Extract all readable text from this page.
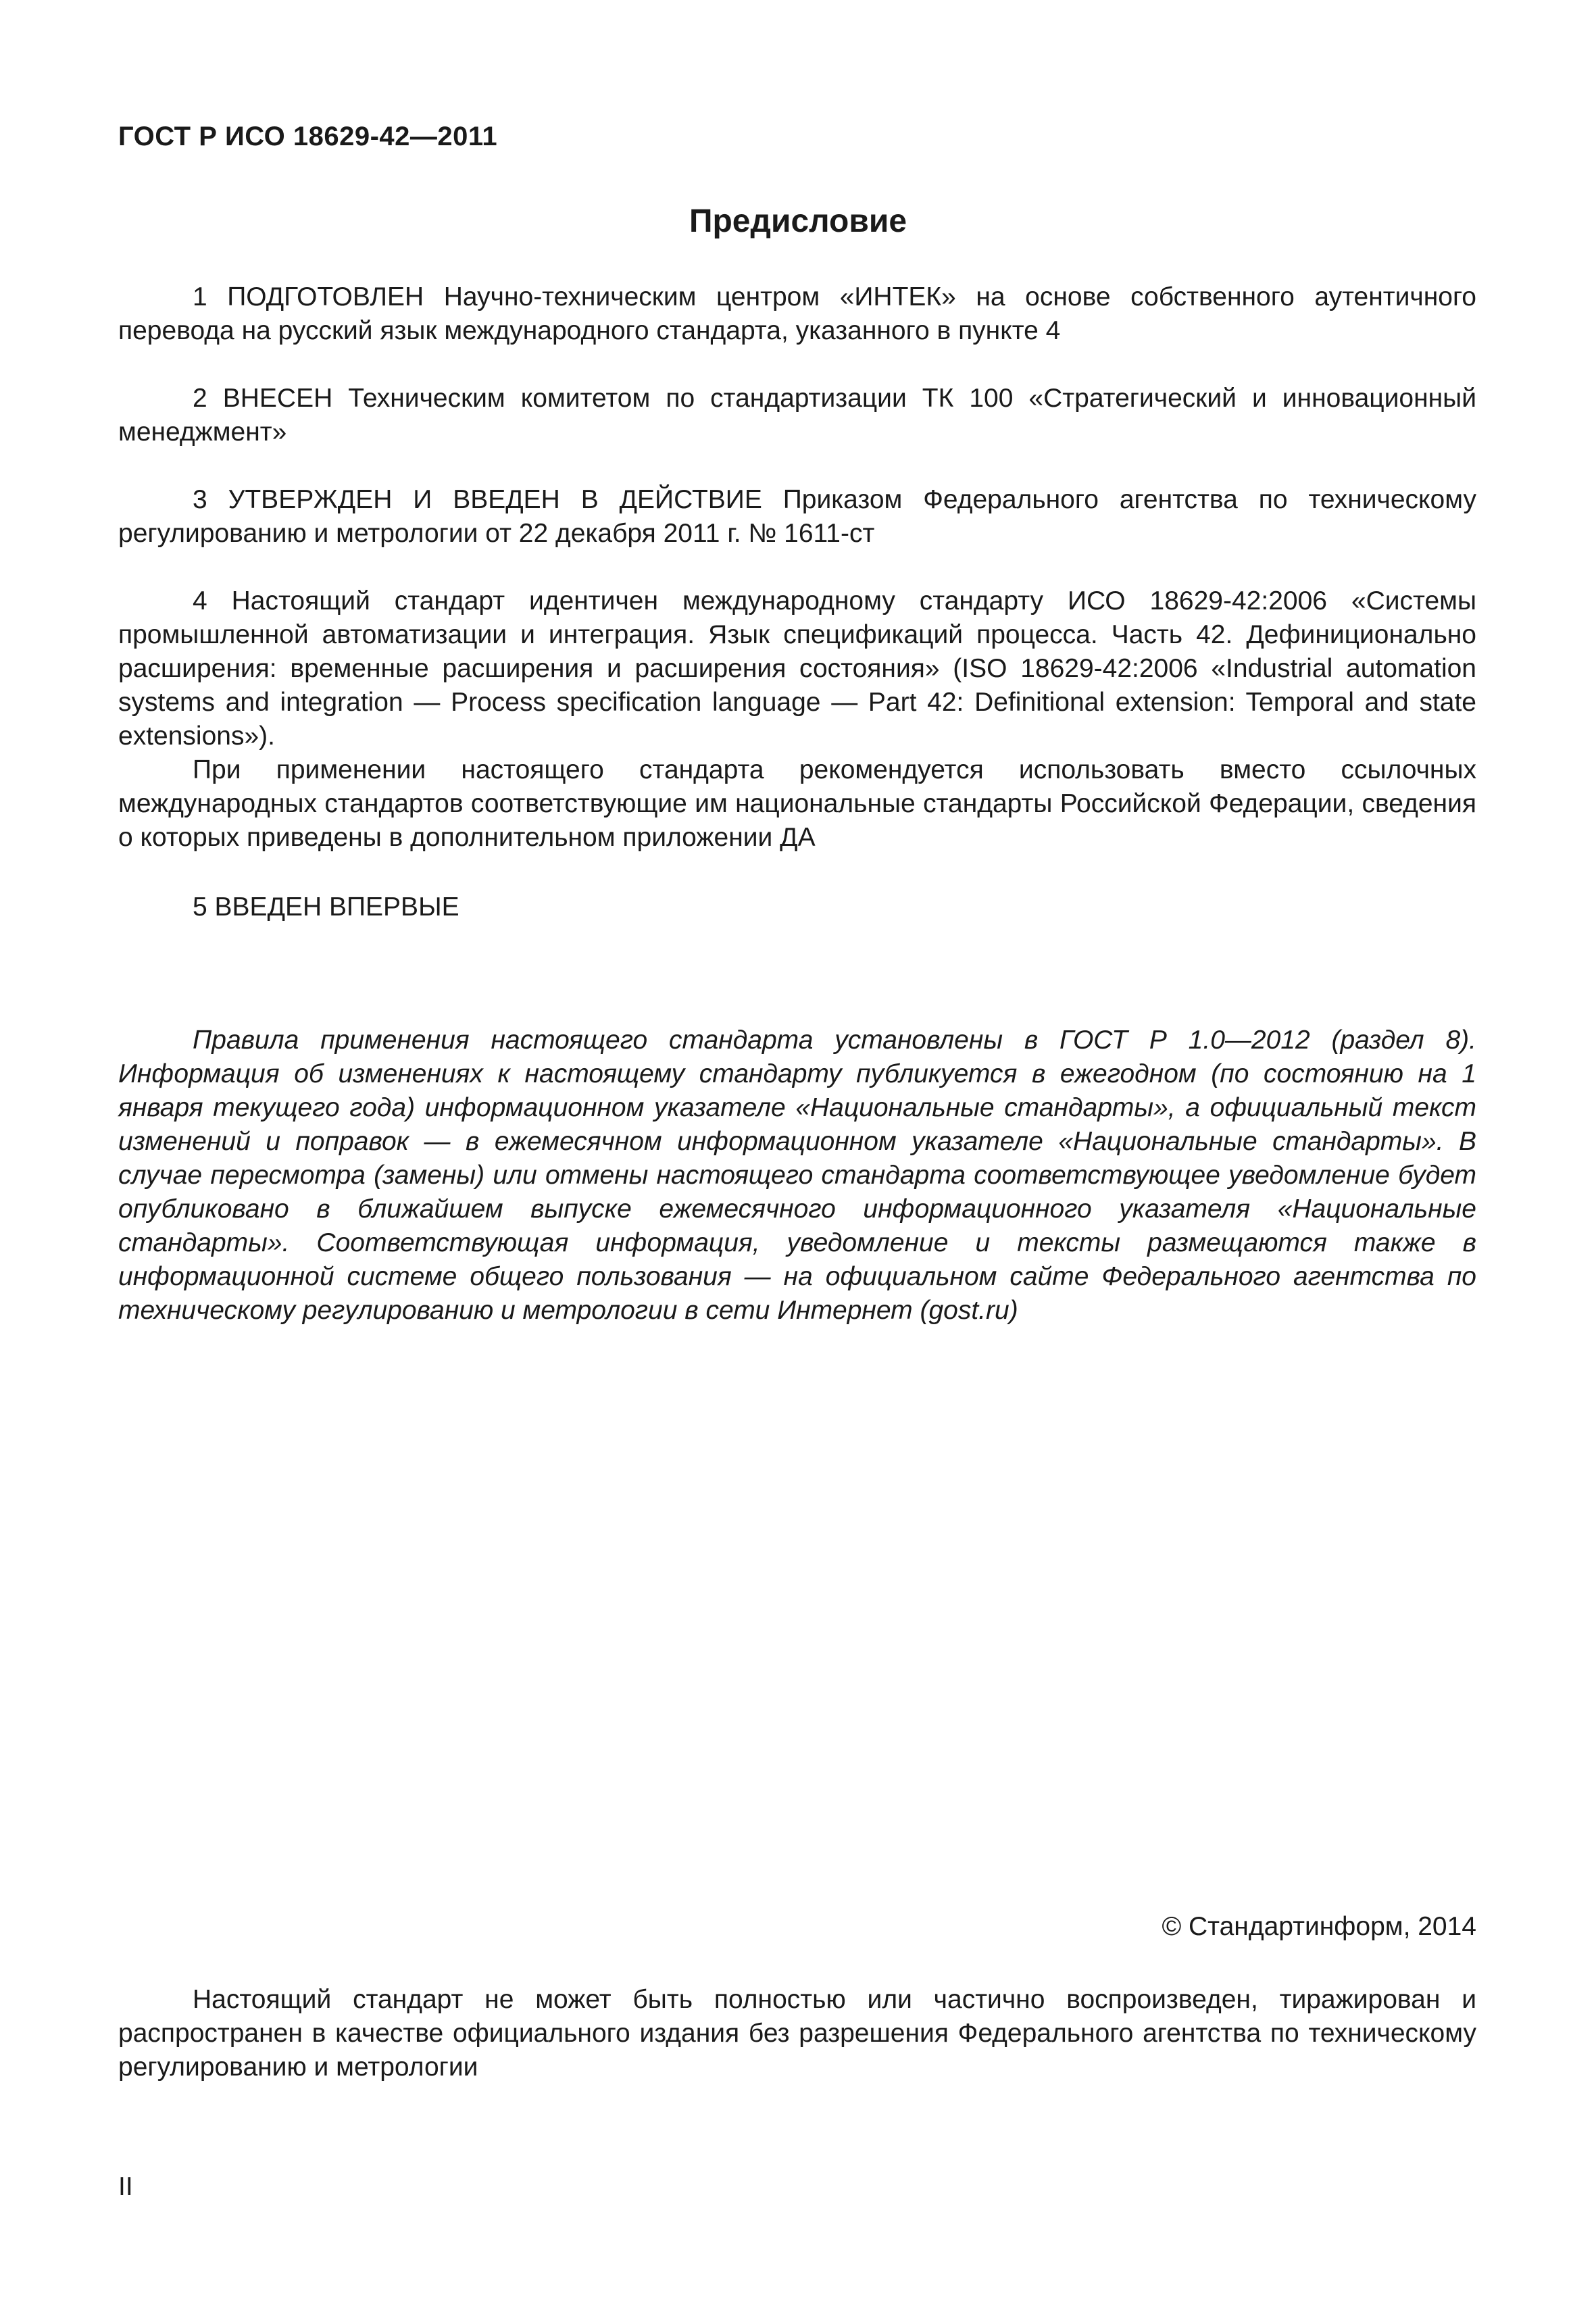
ГОСТ Р ИСО 18629-42—2011
Предисловие

1 ПОДГОТОВЛЕН Научно-техническим центром «ИНТЕК» на основе собственного аутентичного перевода на русский язык международного стандарта, указанного в пункте 4

2 ВНЕСЕН Техническим комитетом по стандартизации ТК 100 «Стратегический и инновационный менеджмент»

3 УТВЕРЖДЕН И ВВЕДЕН В ДЕЙСТВИЕ Приказом Федерального агентства по техническому регулированию и метрологии от 22 декабря 2011 г. № 1611-ст

4 Настоящий стандарт идентичен международному стандарту ИСО 18629-42:2006 «Системы промышленной автоматизации и интеграция. Язык спецификаций процесса. Часть 42. Дефиниционально расширения: временные расширения и расширения состояния» (ISO 18629-42:2006 «Industrial automation systems and integration — Process specification language — Part 42: Definitional extension: Temporal and state extensions»).

При применении настоящего стандарта рекомендуется использовать вместо ссылочных международных стандартов соответствующие им национальные стандарты Российской Федерации, сведения о которых приведены в дополнительном приложении ДА

5 ВВЕДЕН ВПЕРВЫЕ

Правила применения настоящего стандарта установлены в ГОСТ Р 1.0—2012 (раздел 8). Информация об изменениях к настоящему стандарту публикуется в ежегодном (по состоянию на 1 января текущего года) информационном указателе «Национальные стандарты», а официальный текст изменений и поправок — в ежемесячном информационном указателе «Национальные стандарты». В случае пересмотра (замены) или отмены настоящего стандарта соответствующее уведомление будет опубликовано в ближайшем выпуске ежемесячного информационного указателя «Национальные стандарты». Соответствующая информация, уведомление и тексты размещаются также в информационной системе общего пользования — на официальном сайте Федерального агентства по техническому регулированию и метрологии в сети Интернет (gost.ru)

© Стандартинформ, 2014

Настоящий стандарт не может быть полностью или частично воспроизведен, тиражирован и распространен в качестве официального издания без разрешения Федерального агентства по техническому регулированию и метрологии

II
